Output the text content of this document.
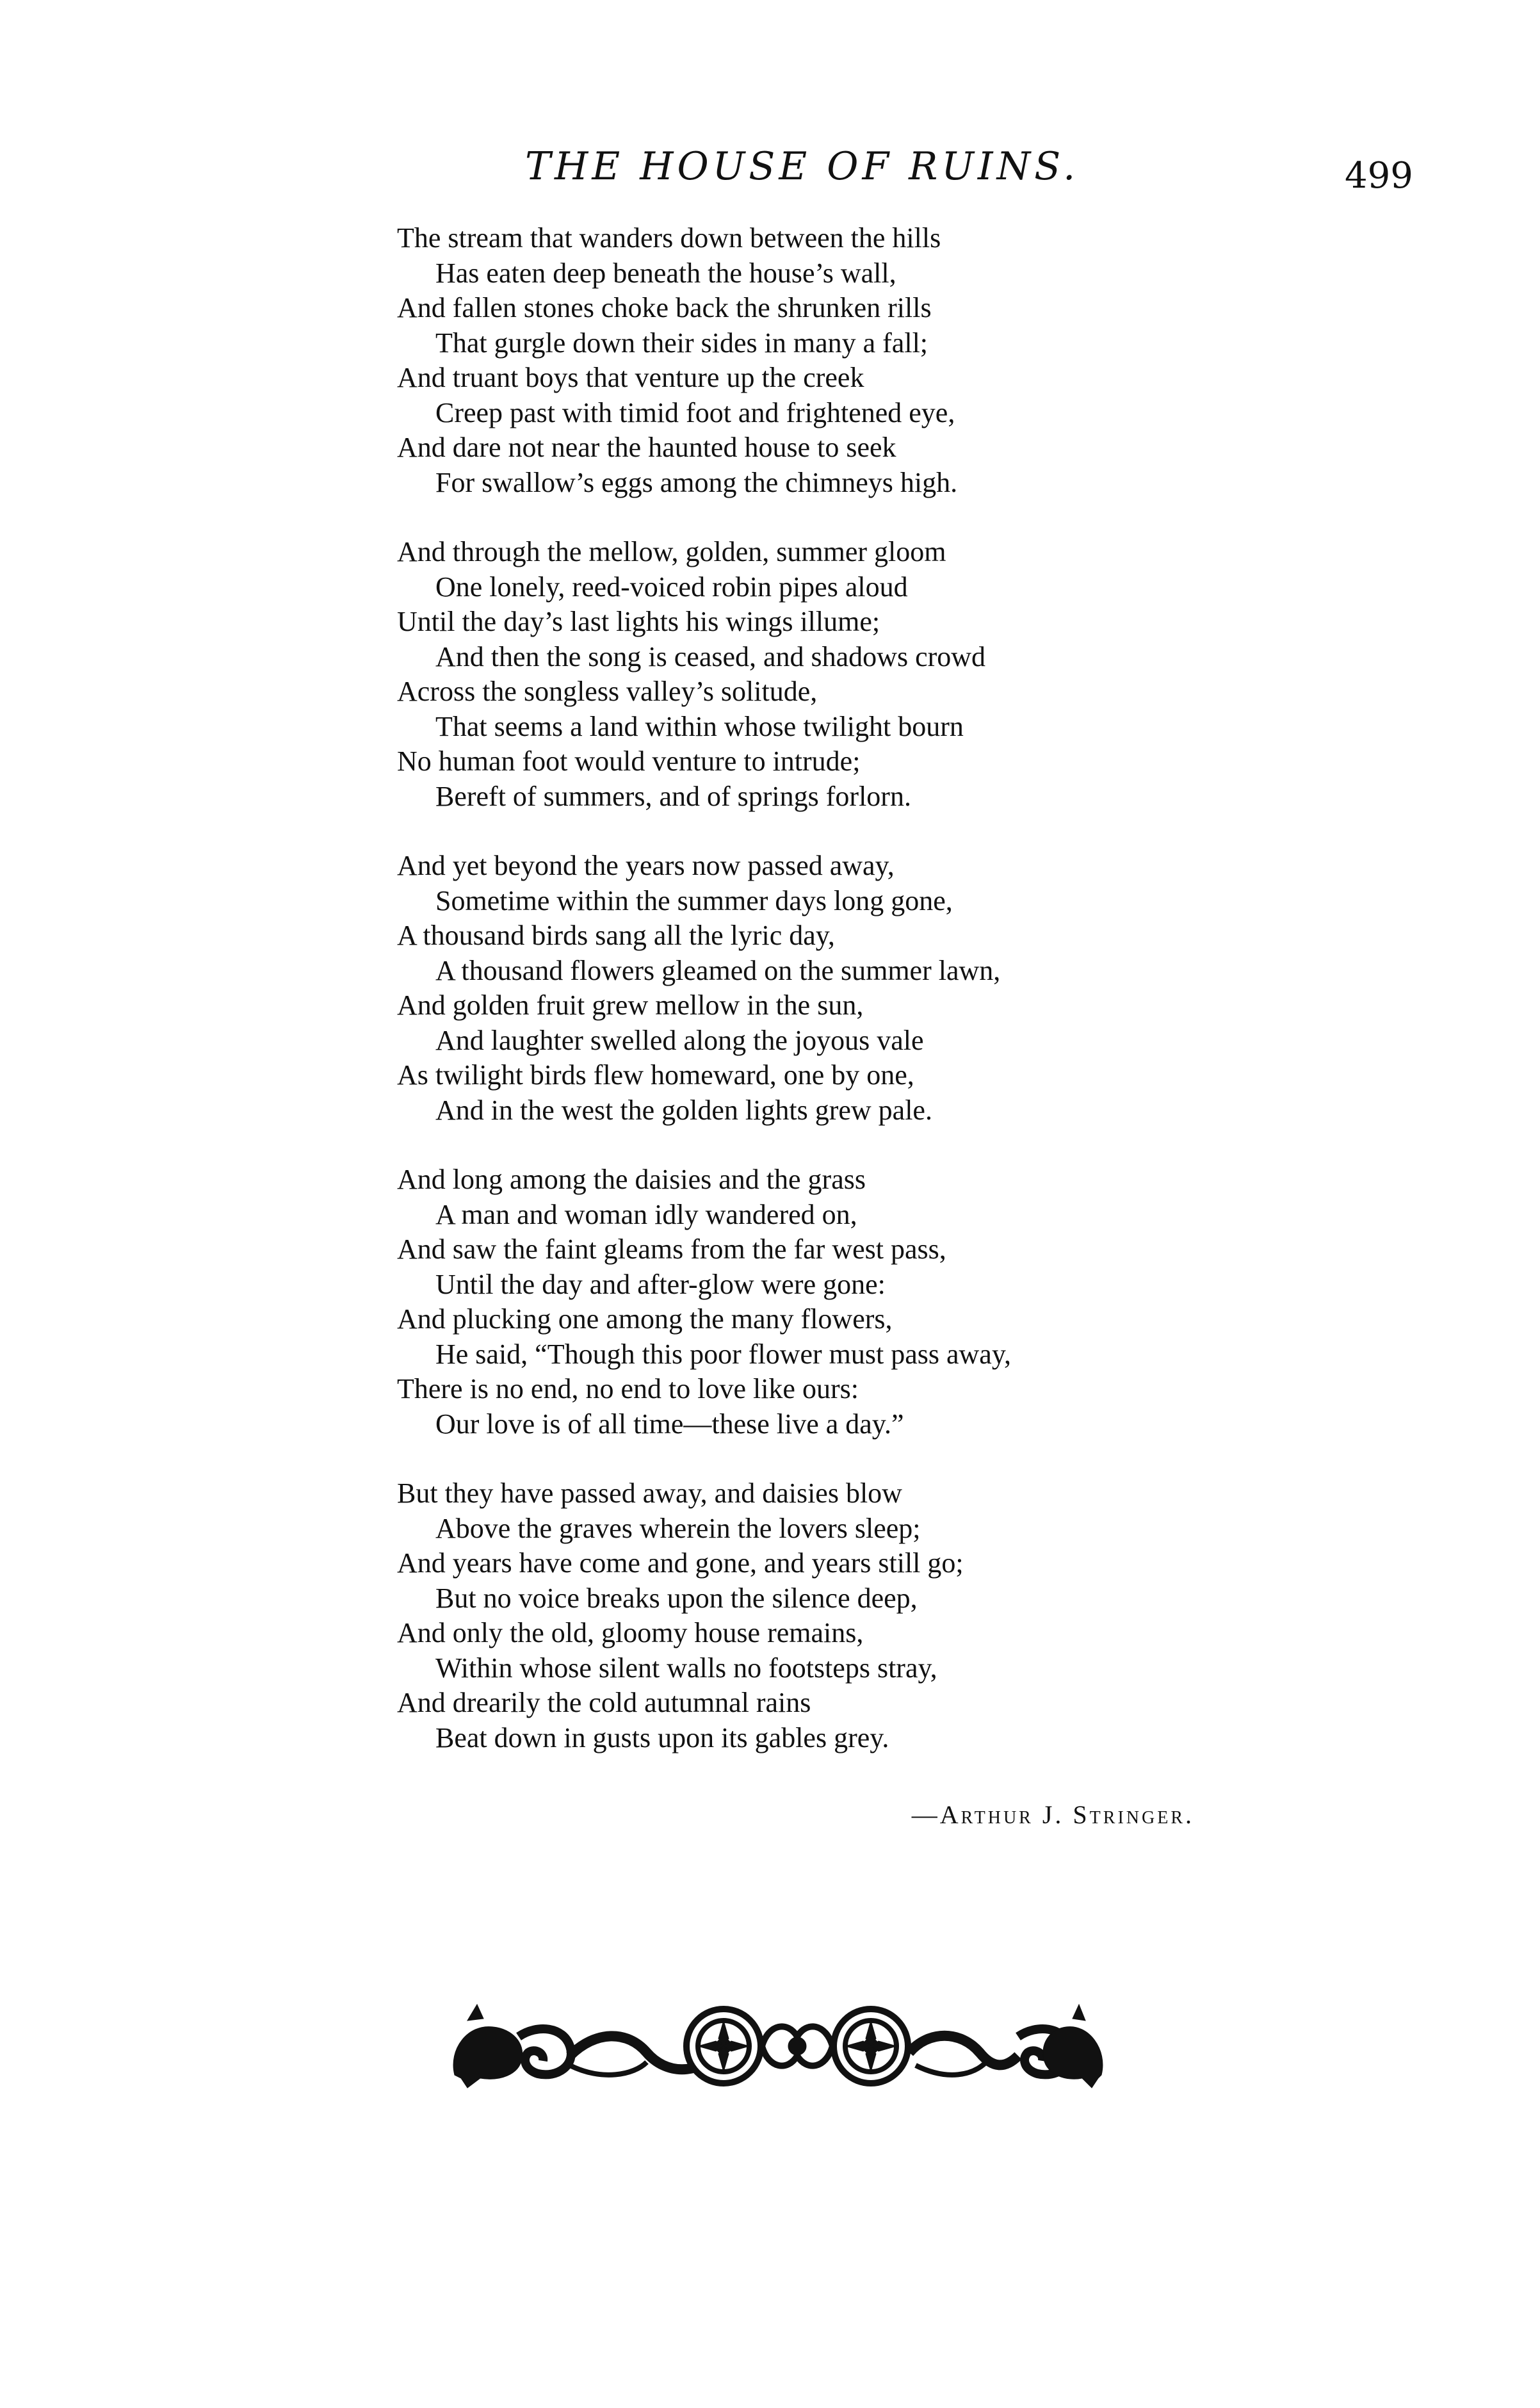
THE HOUSE OF RUINS.	499
The stream that wanders down between the hills
Has eaten deep beneath the house’s wall,
And fallen stones choke back the shrunken rills
That gurgle down their sides in many a fall;
And truant boys that venture up the creek
Creep past with timid foot and frightened eye,
And dare not near the haunted house to seek
For swallow’s eggs among the chimneys high.
And through the mellow, golden, summer gloom
One lonely, reed-voiced robin pipes aloud
Until the day’s last lights his wings illume;
And then the song is ceased, and shadows crowd
Across the songless valley’s solitude,
That seems a land within whose twilight bourn
No human foot would venture to intrude;
Bereft of summers, and of springs forlorn.
And yet beyond the years now passed away,
Sometime within the summer days long gone,
A thousand birds sang all the lyric day,
A thousand flowers gleamed on the summer lawn,
And golden fruit grew mellow in the sun,
And laughter swelled along the joyous vale
As twilight birds flew homeward, one by one,
And in the west the golden lights grew pale.
And long among the daisies and the grass
A man and woman idly wandered on,
And saw the faint gleams from the far west pass,
Until the day and after-glow were gone:
And plucking one among the many flowers,
He said, “Though this poor flower must pass away,
There is no end, no end to love like ours:
Our love is of all time—these live a day.”
But they have passed away, and daisies blow
Above the graves wherein the lovers sleep;
And years have come and gone, and years still go;
But no voice breaks upon the silence deep,
And only the old, gloomy house remains,
Within whose silent walls no footsteps stray,
And drearily the cold autumnal rains
Beat down in gusts upon its gables grey.
—Arthur J. Stringer.
